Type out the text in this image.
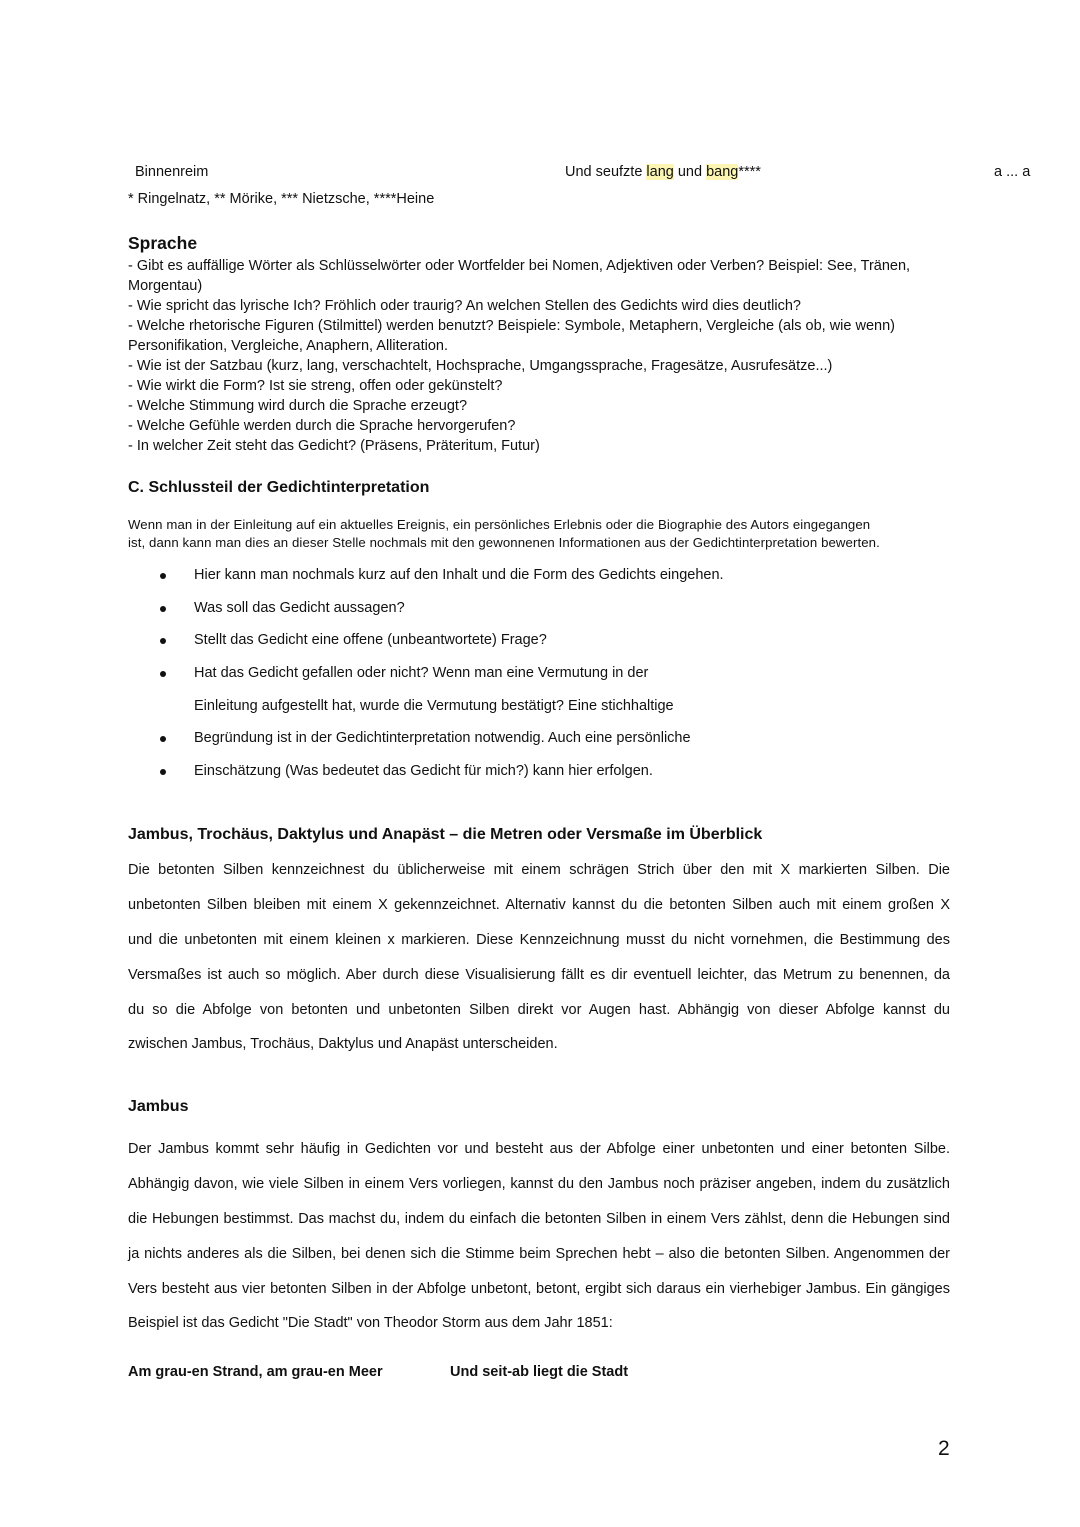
Binnenreim	Und seufzte lang und bang****	a ... a
* Ringelnatz, ** Mörike, *** Nietzsche, ****Heine
Sprache
- Gibt es auffällige Wörter als Schlüsselwörter oder Wortfelder bei Nomen, Adjektiven oder Verben? Beispiel: See, Tränen,
Morgentau)
- Wie spricht das lyrische Ich? Fröhlich oder traurig? An welchen Stellen des Gedichts wird dies deutlich?
- Welche rhetorische Figuren (Stilmittel) werden benutzt? Beispiele: Symbole, Metaphern, Vergleiche (als ob, wie wenn)
Personifikation, Vergleiche, Anaphern, Alliteration.
- Wie ist der Satzbau (kurz, lang, verschachtelt, Hochsprache, Umgangssprache, Fragesätze, Ausrufesätze...)
- Wie wirkt die Form? Ist sie streng, offen oder gekünstelt?
- Welche Stimmung wird durch die Sprache erzeugt?
- Welche Gefühle werden durch die Sprache hervorgerufen?
- In welcher Zeit steht das Gedicht? (Präsens, Präteritum, Futur)
C. Schlussteil der Gedichtinterpretation
Wenn man in der Einleitung auf ein aktuelles Ereignis, ein persönliches Erlebnis oder die Biographie des Autors eingegangen
ist, dann kann man dies an dieser Stelle nochmals mit den gewonnenen Informationen aus der Gedichtinterpretation bewerten.
Hier kann man nochmals kurz auf den Inhalt und die Form des Gedichts eingehen.
Was soll das Gedicht aussagen?
Stellt das Gedicht eine offene (unbeantwortete) Frage?
Hat das Gedicht gefallen oder nicht? Wenn man eine Vermutung in der
Einleitung aufgestellt hat, wurde die Vermutung bestätigt? Eine stichhaltige
Begründung ist in der Gedichtinterpretation notwendig. Auch eine persönliche
Einschätzung (Was bedeutet das Gedicht für mich?) kann hier erfolgen.
Jambus, Trochäus, Daktylus und Anapäst – die Metren oder Versmaße im Überblick
Die betonten Silben kennzeichnest du üblicherweise mit einem schrägen Strich über den mit X markierten Silben. Die
unbetonten Silben bleiben mit einem X gekennzeichnet. Alternativ kannst du die betonten Silben auch mit einem großen X
und die unbetonten mit einem kleinen x markieren. Diese Kennzeichnung musst du nicht vornehmen, die Bestimmung des
Versmaßes ist auch so möglich. Aber durch diese Visualisierung fällt es dir eventuell leichter, das Metrum zu benennen, da
du so die Abfolge von betonten und unbetonten Silben direkt vor Augen hast. Abhängig von dieser Abfolge kannst du
zwischen Jambus, Trochäus, Daktylus und Anapäst unterscheiden.
Jambus
Der Jambus kommt sehr häufig in Gedichten vor und besteht aus der Abfolge einer unbetonten und einer betonten Silbe.
Abhängig davon, wie viele Silben in einem Vers vorliegen, kannst du den Jambus noch präziser angeben, indem du zusätzlich
die Hebungen bestimmst. Das machst du, indem du einfach die betonten Silben in einem Vers zählst, denn die Hebungen sind
ja nichts anderes als die Silben, bei denen sich die Stimme beim Sprechen hebt – also die betonten Silben. Angenommen der
Vers besteht aus vier betonten Silben in der Abfolge unbetont, betont, ergibt sich daraus ein vierhebiger Jambus. Ein gängiges
Beispiel ist das Gedicht "Die Stadt" von Theodor Storm aus dem Jahr 1851:
Am grau-en Strand, am grau-en Meer	Und seit-ab liegt die Stadt
2
